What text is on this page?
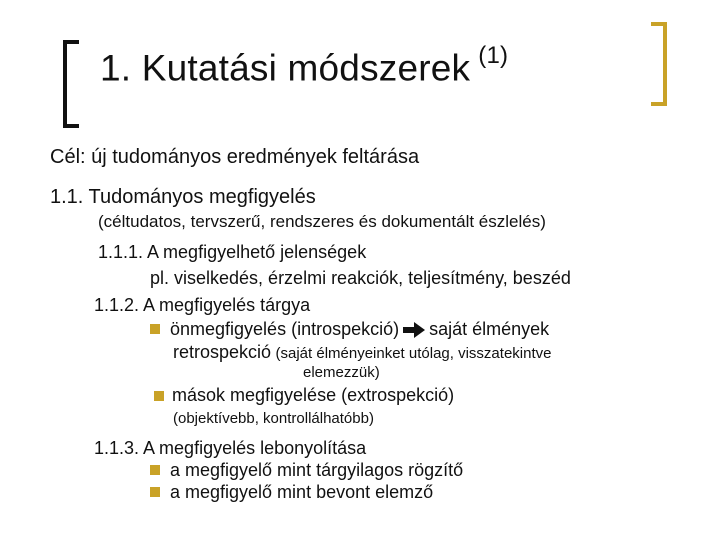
1. Kutatási módszerek $^{(1)}$
Cél: új tudományos eredmények feltárása
1.1. Tudományos megfigyelés
(céltudatos, tervszerű, rendszeres és dokumentált észlelés)
1.1.1. A megfigyelhető jelenségek
pl. viselkedés, érzelmi reakciók, teljesítmény, beszéd
1.1.2. A megfigyelés tárgya
önmegfigyelés (introspekció) saját élmények
retrospekció (saját élményeinket utólag, visszatekintve
elemezzük)
mások megfigyelése (extrospekció)
(objektívebb, kontrollálhatóbb)
1.1.3. A megfigyelés lebonyolítása
a megfigyelő mint tárgyilagos rögzítő
a megfigyelő mint bevont elemző
